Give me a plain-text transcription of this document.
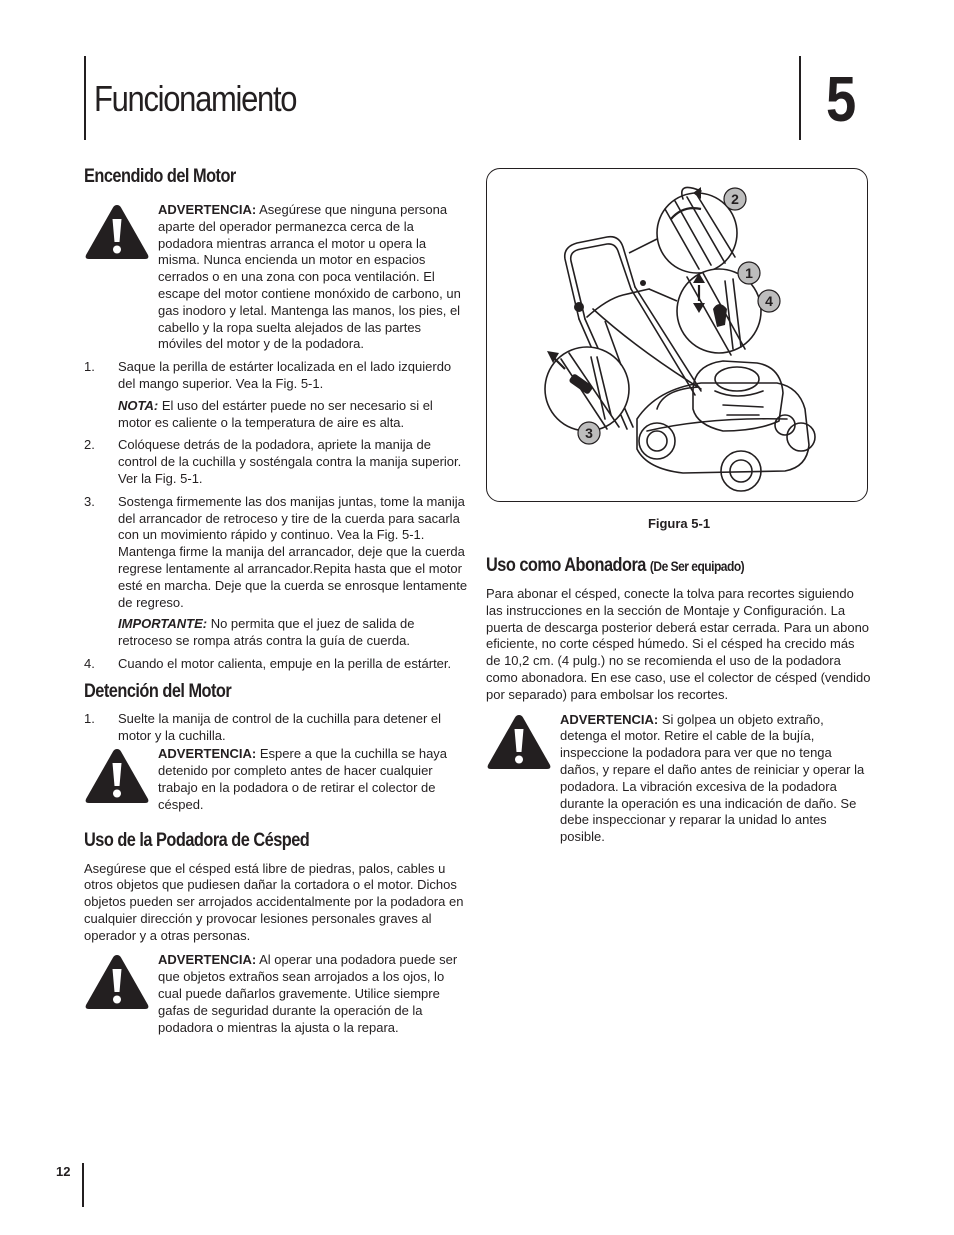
Funcionamiento	5
Encendido del Motor
ADVERTENCIA: Asegúrese que ninguna persona aparte del operador permanezca cerca de la podadora mientras arranca el motor u opera la misma. Nunca encienda un motor en espacios cerrados o en una zona con poca ventilación. El escape del motor contiene monóxido de carbono, un gas inodoro y letal. Mantenga las manos, los pies, el cabello y la ropa suelta alejados de las partes móviles del motor y de la podadora.
1.	Saque la perilla de estárter localizada en el lado izquierdo del mango superior. Vea la Fig. 5-1.
NOTA: El uso del estárter puede no ser necesario si el motor es caliente o la temperatura de aire es alta.
2.	Colóquese detrás de la podadora, apriete la manija de control de la cuchilla y sosténgala contra la manija superior. Ver la Fig. 5-1.
3.	Sostenga firmemente las dos manijas juntas, tome la manija del arrancador de retroceso y tire de la cuerda para sacarla con un movimiento rápido y continuo. Vea la Fig. 5-1. Mantenga firme la manija del arrancador, deje que la cuerda regrese lentamente al arrancador.Repita hasta que el motor esté en marcha. Deje que la cuerda se enrosque lentamente de regreso.
IMPORTANTE: No permita que el juez de salida de retroceso se rompa atrás contra la guía de cuerda.
4.	Cuando el motor calienta, empuje en la perilla de estárter.
Detención del Motor
1.	Suelte la manija de control de la cuchilla para detener el motor y la cuchilla.
ADVERTENCIA: Espere a que la cuchilla se haya detenido por completo antes de hacer cualquier trabajo en la podadora o de retirar el colector de césped.
Uso de la Podadora de Césped

Asegúrese que el césped está libre de piedras, palos, cables u otros objetos que pudiesen dañar la cortadora o el motor. Dichos objetos pueden ser arrojados accidentalmente por la podadora en cualquier dirección y provocar lesiones personales graves al operador y a otras personas.

ADVERTENCIA: Al operar una podadora puede ser que objetos extraños sean arrojados a los ojos, lo cual puede dañarlos gravemente. Utilice siempre gafas de seguridad durante la operación de la podadora o mientras la ajusta o la repara.
1
2
3
4
Figura 5-1
Uso como Abonadora (De Ser equipado)

Para abonar el césped, conecte la tolva para recortes siguiendo las instrucciones en la sección de Montaje y Configuración. La puerta de descarga posterior deberá estar cerrada. Para un abono eficiente, no corte césped húmedo. Si el césped ha crecido más de 10,2 cm. (4 pulg.) no se recomienda el uso de la podadora como abonadora. En ese caso, use el colector de césped (vendido por separado) para embolsar los recortes.

ADVERTENCIA: Si golpea un objeto extraño, detenga el motor. Retire el cable de la bujía, inspeccione la podadora para ver que no tenga daños, y repare el daño antes de reiniciar y operar la podadora. La vibración excesiva de la podadora durante la operación es una indicación de daño. Se debe inspeccionar y reparar la unidad lo antes posible.
12
